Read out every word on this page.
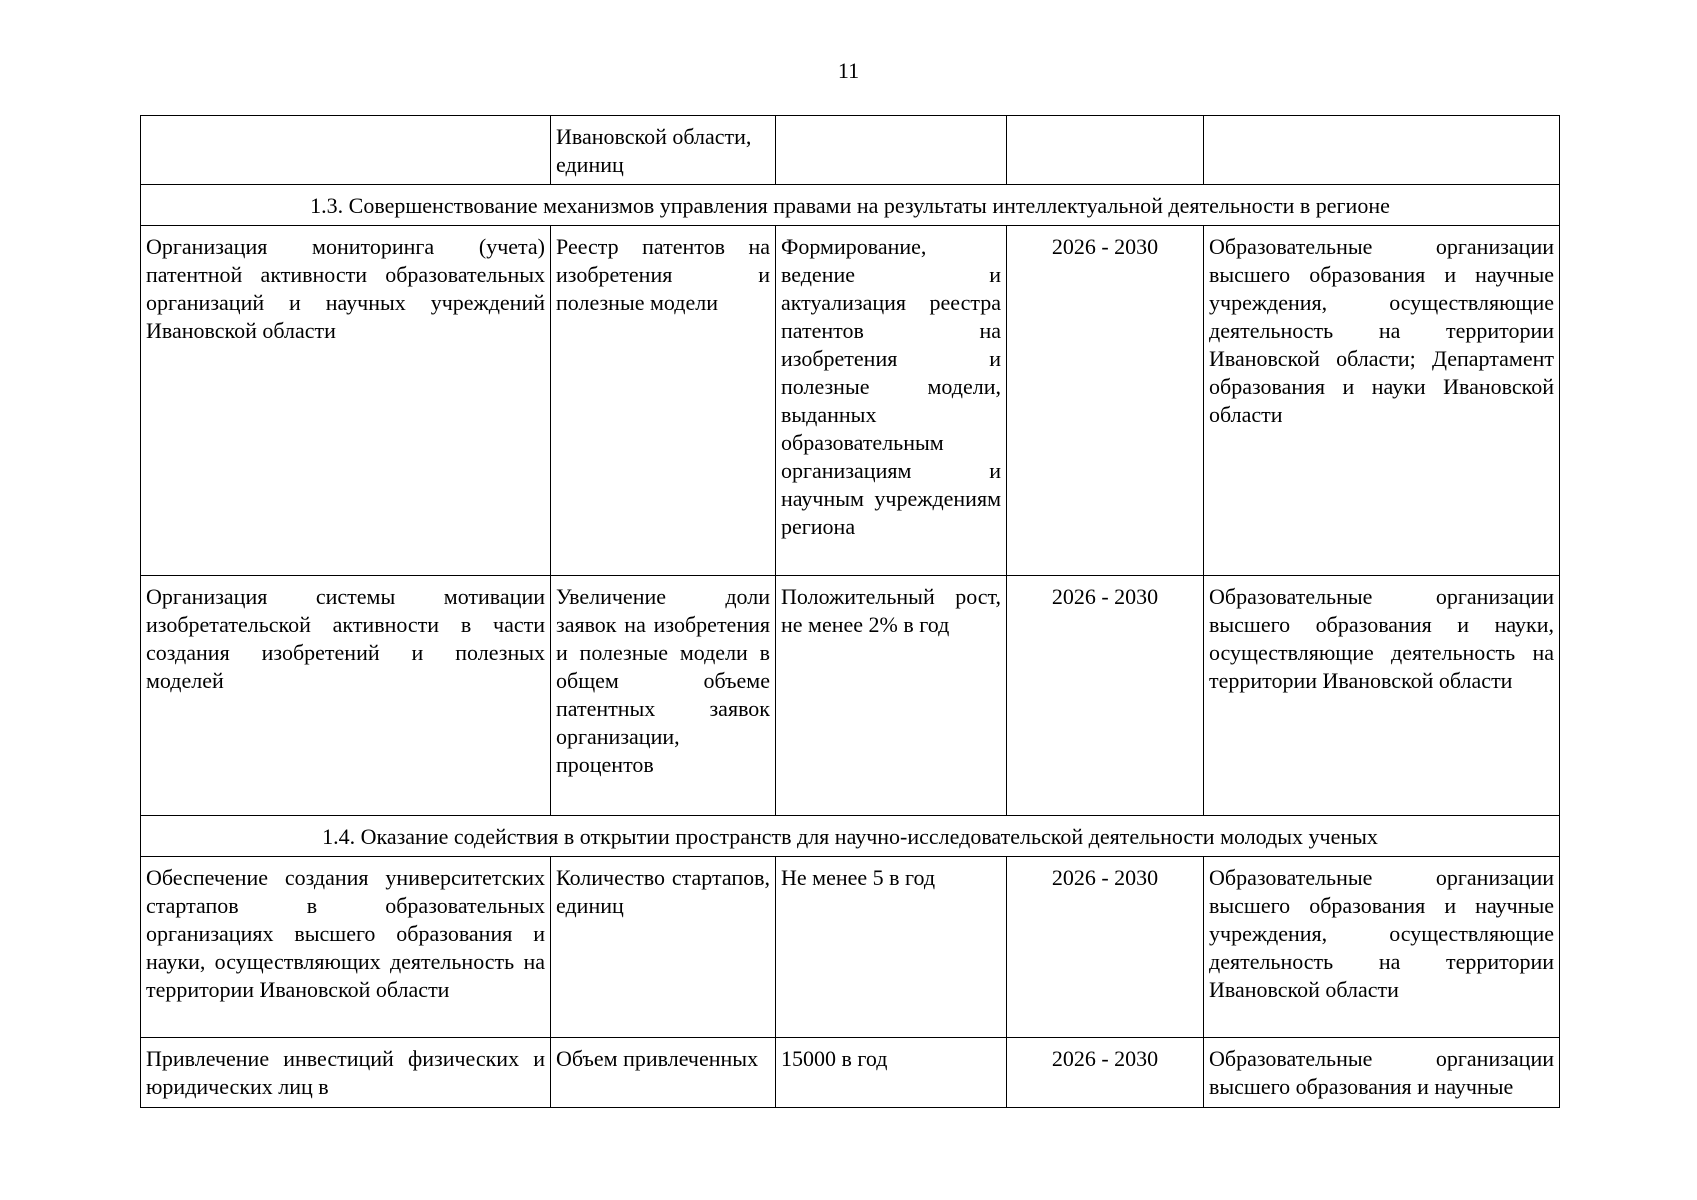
11
	Ивановской области, единиц			
1.3. Совершенствование механизмов управления правами на результаты интеллектуальной деятельности в регионе				
Организация мониторинга (учета) патентной активности образовательных организаций и научных учреждений Ивановской области	Реестр патентов на изобретения и полезные модели	Формирование, ведение и актуализация реестра патентов на изобретения и полезные модели, выданных образовательным организациям и научным учреждениям региона	2026 - 2030	Образовательные организации высшего образования и научные учреждения, осуществляющие деятельность на территории Ивановской области; Департамент образования и науки Ивановской области
Организация системы мотивации изобретательской активности в части создания изобретений и полезных моделей	Увеличение доли заявок на изобретения и полезные модели в общем объеме патентных заявок организации, процентов	Положительный рост, не менее 2% в год	2026 - 2030	Образовательные организации высшего образования и науки, осуществляющие деятельность на территории Ивановской области
1.4. Оказание содействия в открытии пространств для научно-исследовательской деятельности молодых ученых				
Обеспечение создания университетских стартапов в образовательных организациях высшего образования и науки, осуществляющих деятельность на территории Ивановской области	Количество стартапов, единиц	Не менее 5 в год	2026 - 2030	Образовательные организации высшего образования и научные учреждения, осуществляющие деятельность на территории Ивановской области
Привлечение инвестиций физических и юридических лиц в	Объем привлеченных	15000 в год	2026 - 2030	Образовательные организации высшего образования и научные
